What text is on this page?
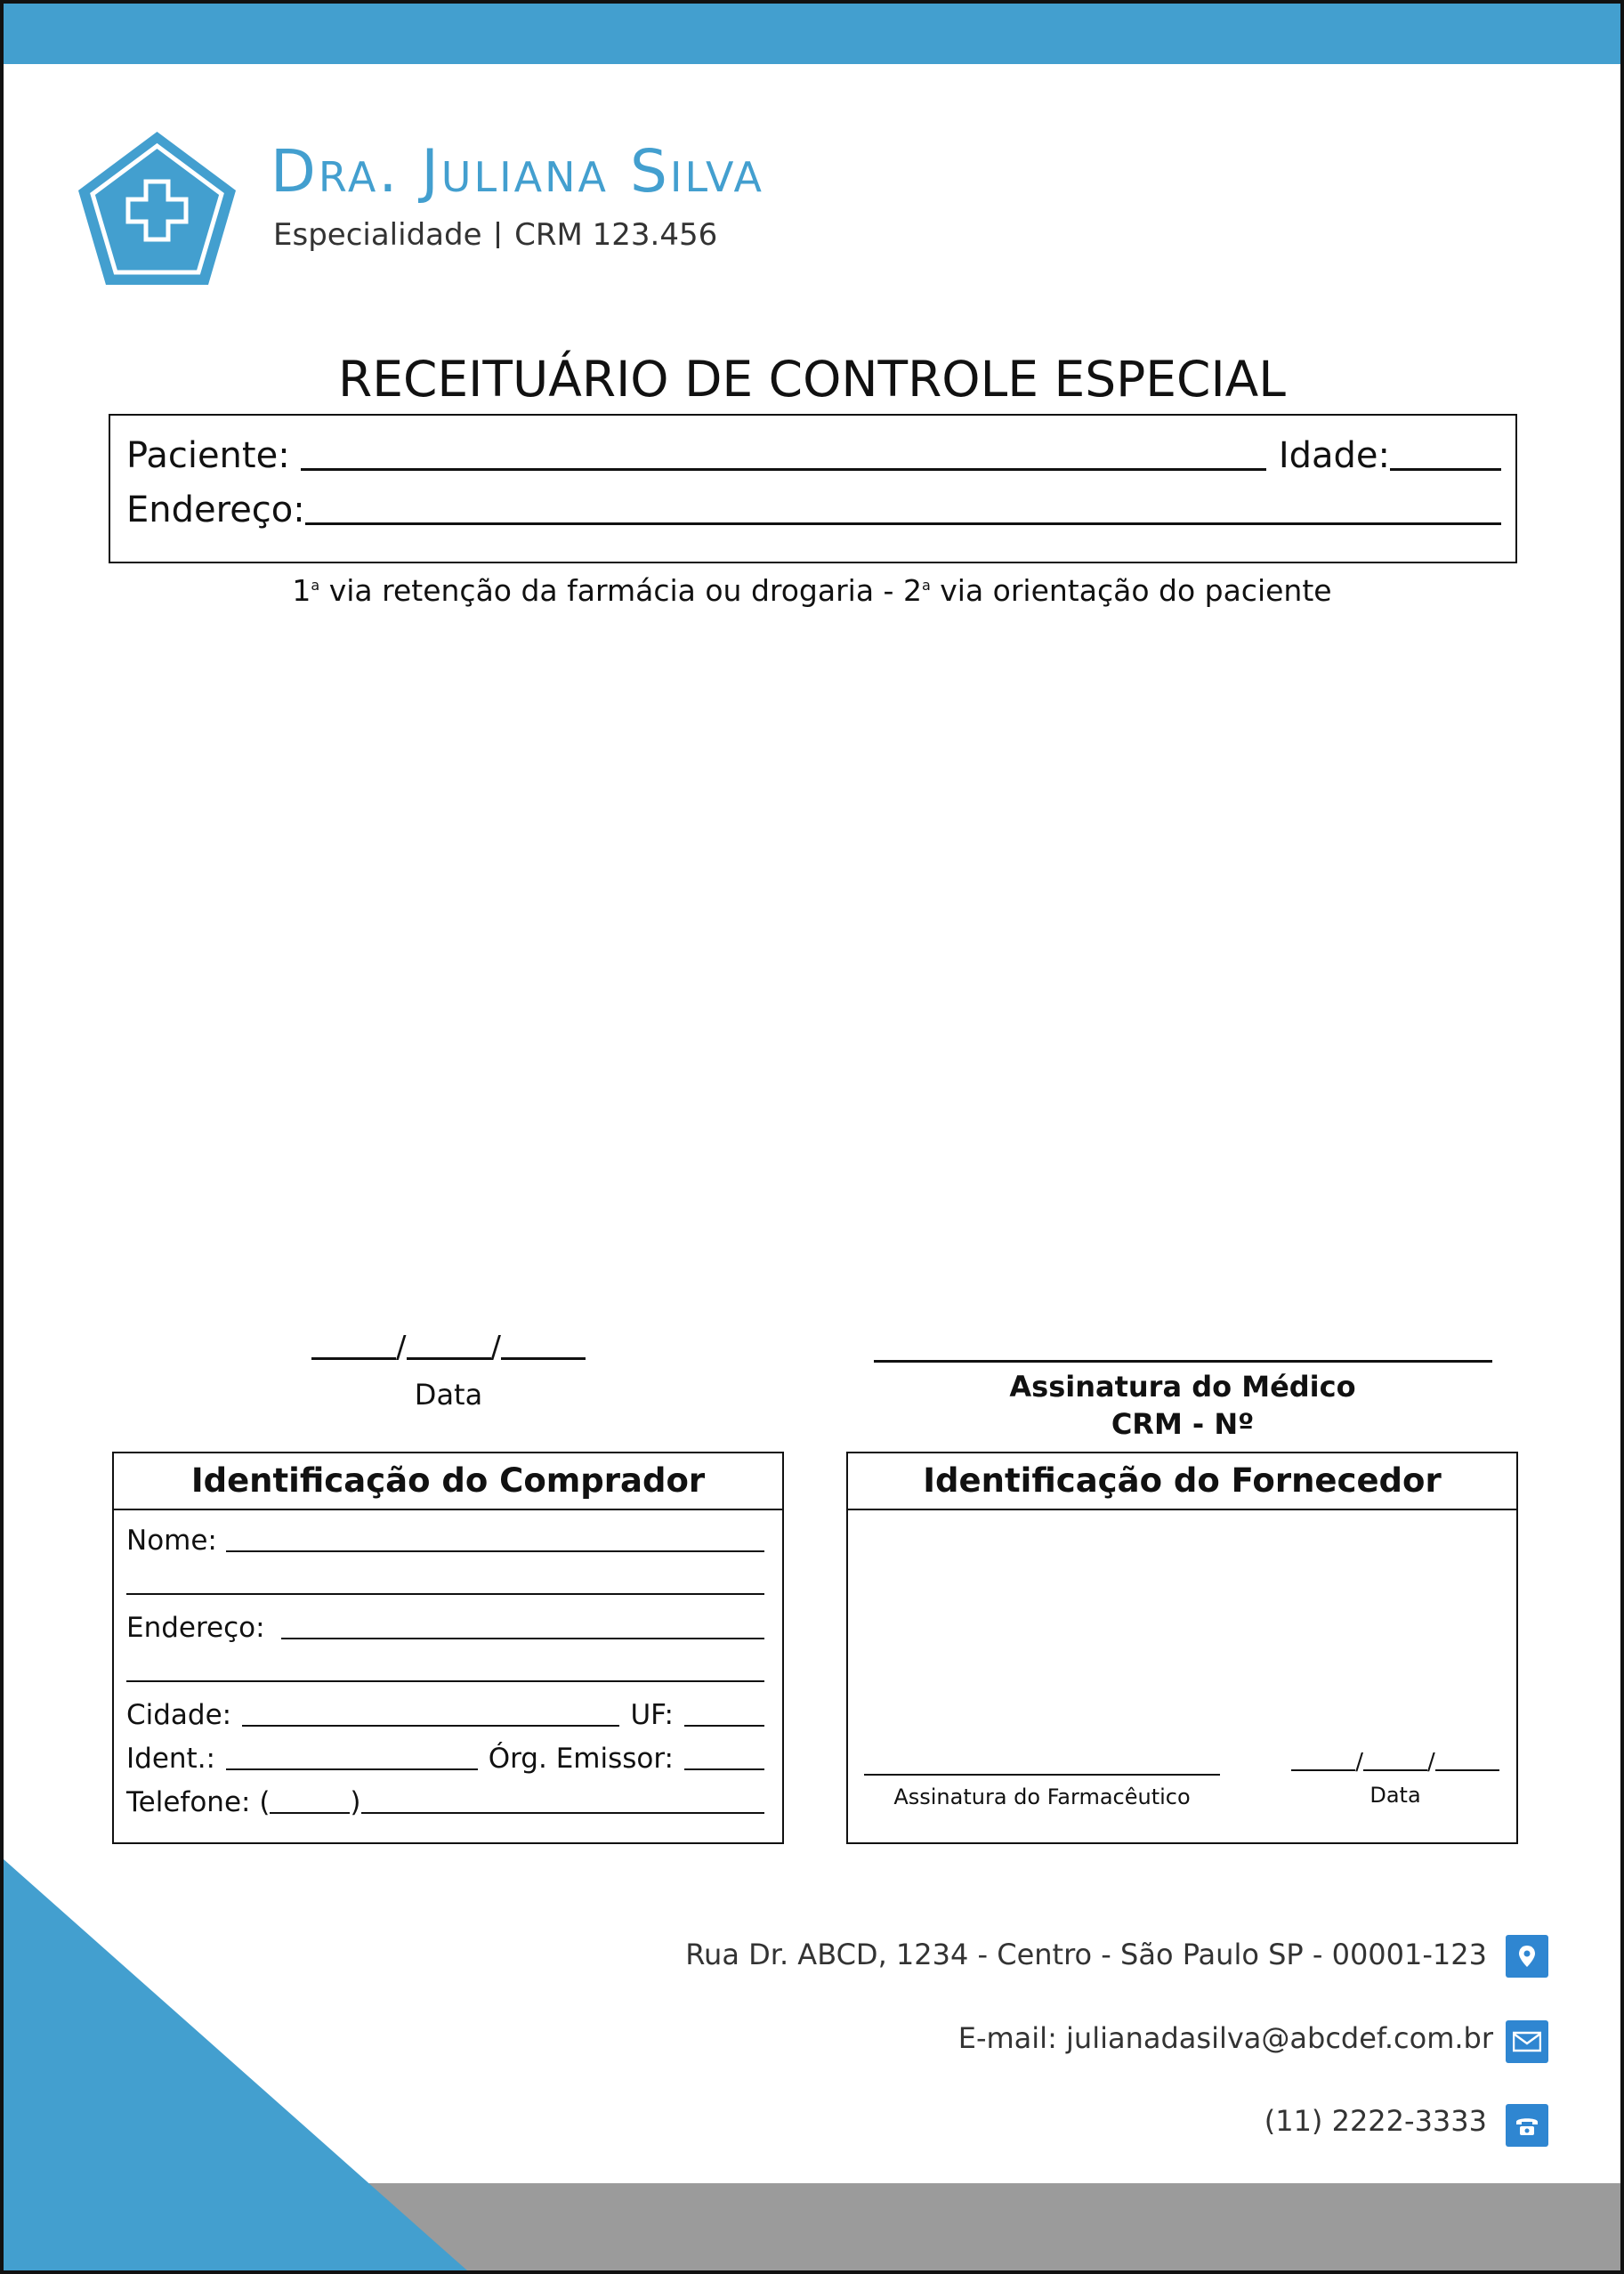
Dra. Juliana Silva
Especialidade CRM 123.456
RECEITUÁRIO DE CONTROLE ESPECIAL
Paciente:	Idade:
Endereço:
1$^a$ via retenção da farmácia ou drogaria - 2$^a$ via orientação do paciente
/	/
Data	Assinatura do Médico
CRM - Nº
Identificação do Comprador
Nome:
Endereço:
Cidade:	UF:
Ident.:	Órg. Emissor:
Telefone: (	)
Identificação do Fornecedor
Assinatura do Farmacêutico
/	/
Data
Rua Dr. ABCD, 1234 - Centro - São Paulo SP - 00001-123
E-mail: julianadasilva@abcdef.com.br
(11) 2222-3333
